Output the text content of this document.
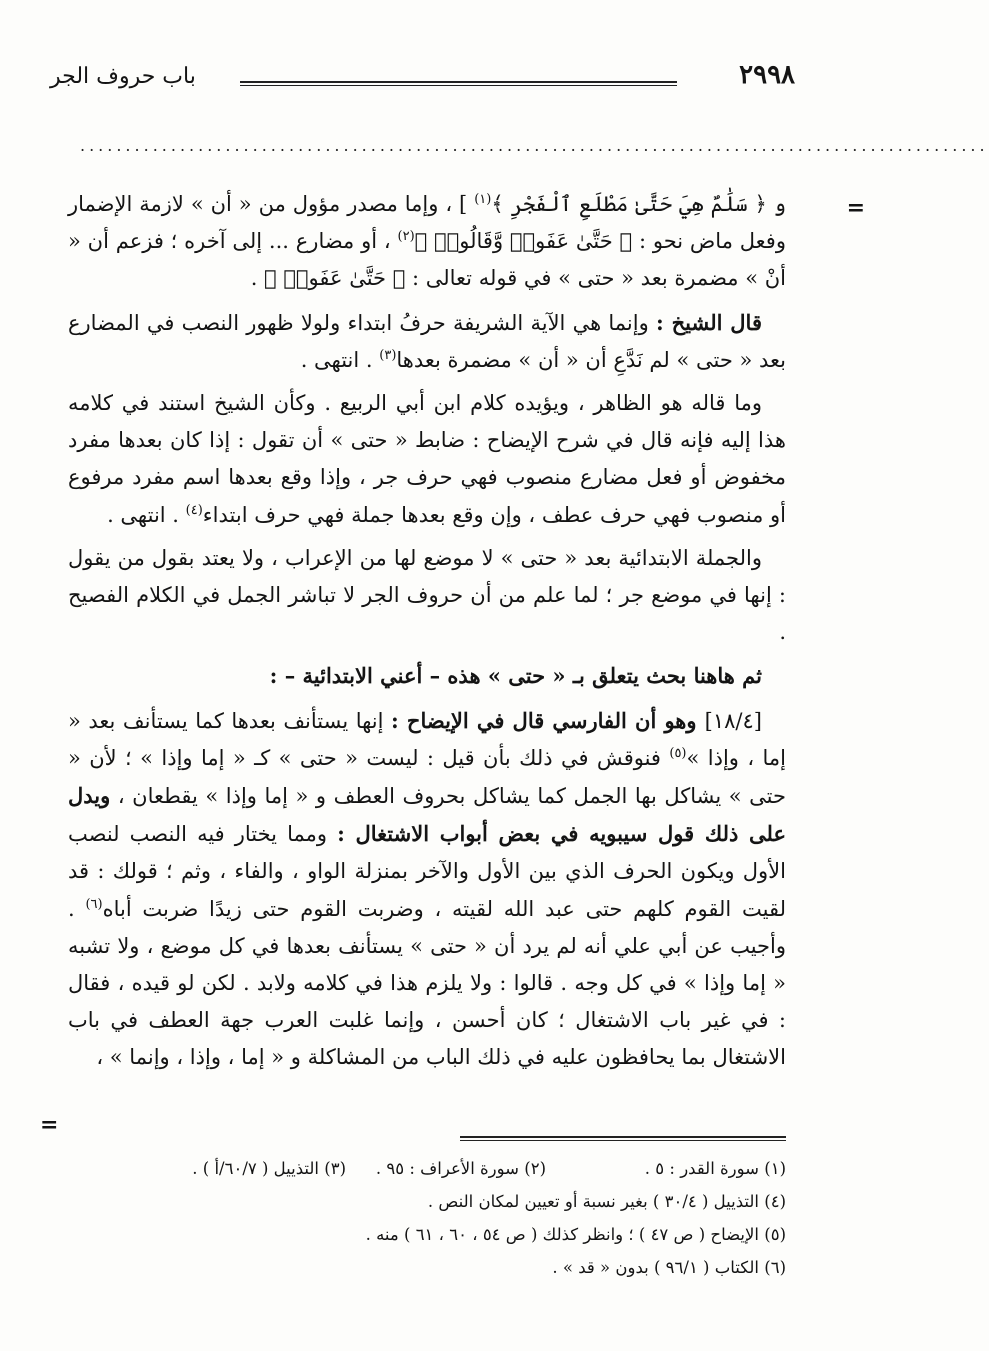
٢٩٩٨
باب حروف الجر
....................................................................................................
=

و ﴿ سَلَٰمٌ هِيَ حَتَّىٰ مَطْلَعِ ٱلْفَجْرِ ﴾$^{(١)}$ ] ، وإما مصدر مؤول من « أن » لازمة الإضمار وفعل ماض نحو : ﴿ حَتَّىٰ عَفَوا۟ وَّقَالُوا۟ ﴾$^{(٢)}$ ، أو مضارع ... إلى آخره ؛ فزعم أن « أنْ » مضمرة بعد « حتى » في قوله تعالى : ﴿ حَتَّىٰ عَفَوا۟ ﴾ .

قال الشيخ : وإنما هي الآية الشريفة حرفُ ابتداء ولولا ظهور النصب في المضارع بعد « حتى » لم نَدَّعِ أن « أن » مضمرة بعدها$^{(٣)}$ . انتهى .

وما قاله هو الظاهر ، ويؤيده كلام ابن أبي الربيع . وكأن الشيخ استند في كلامه هذا إليه فإنه قال في شرح الإيضاح : ضابط « حتى » أن تقول : إذا كان بعدها مفرد مخفوض أو فعل مضارع منصوب فهي حرف جر ، وإذا وقع بعدها اسم مفرد مرفوع أو منصوب فهي حرف عطف ، وإن وقع بعدها جملة فهي حرف ابتداء$^{(٤)}$ . انتهى .

والجملة الابتدائية بعد « حتى » لا موضع لها من الإعراب ، ولا يعتد بقول من يقول : إنها في موضع جر ؛ لما علم من أن حروف الجر لا تباشر الجمل في الكلام الفصيح .

ثم هاهنا بحث يتعلق بـ « حتى » هذه – أعني الابتدائية – :

[١٨/٤] وهو أن الفارسي قال في الإيضاح : إنها يستأنف بعدها كما يستأنف بعد « إما ، وإذا »$^{(٥)}$ فنوقش في ذلك بأن قيل : ليست « حتى » كـ « إما وإذا » ؛ لأن « حتى » يشاكل بها الجمل كما يشاكل بحروف العطف و « إما وإذا » يقطعان ، ويدل على ذلك قول سيبويه في بعض أبواب الاشتغال : ومما يختار فيه النصب لنصب الأول ويكون الحرف الذي بين الأول والآخر بمنزلة الواو ، والفاء ، وثم ؛ قولك : قد لقيت القوم كلهم حتى عبد الله لقيته ، وضربت القوم حتى زيدًا ضربت أباه$^{(٦)}$ . وأجيب عن أبي علي أنه لم يرد أن « حتى » يستأنف بعدها في كل موضع ، ولا تشبه « إما وإذا » في كل وجه . قالوا : ولا يلزم هذا في كلامه ولابد . لكن لو قيده ، فقال : في غير باب الاشتغال ؛ كان أحسن ، وإنما غلبت العرب جهة العطف في باب الاشتغال بما يحافظون عليه في ذلك الباب من المشاكلة و « إما ، وإذا ، وإنما » ،

=
(١) سورة القدر : ٥ .
(٢) سورة الأعراف : ٩٥ .
(٣) التذييل ( ٦٠/٧/أ ) .
(٤) التذييل ( ٣٠/٤ ) بغير نسبة أو تعيين لمكان النص .
(٥) الإيضاح ( ص ٤٧ ) ؛ وانظر كذلك ( ص ٥٤ ، ٦٠ ، ٦١ ) منه .
(٦) الكتاب ( ٩٦/١ ) بدون « قد » .
